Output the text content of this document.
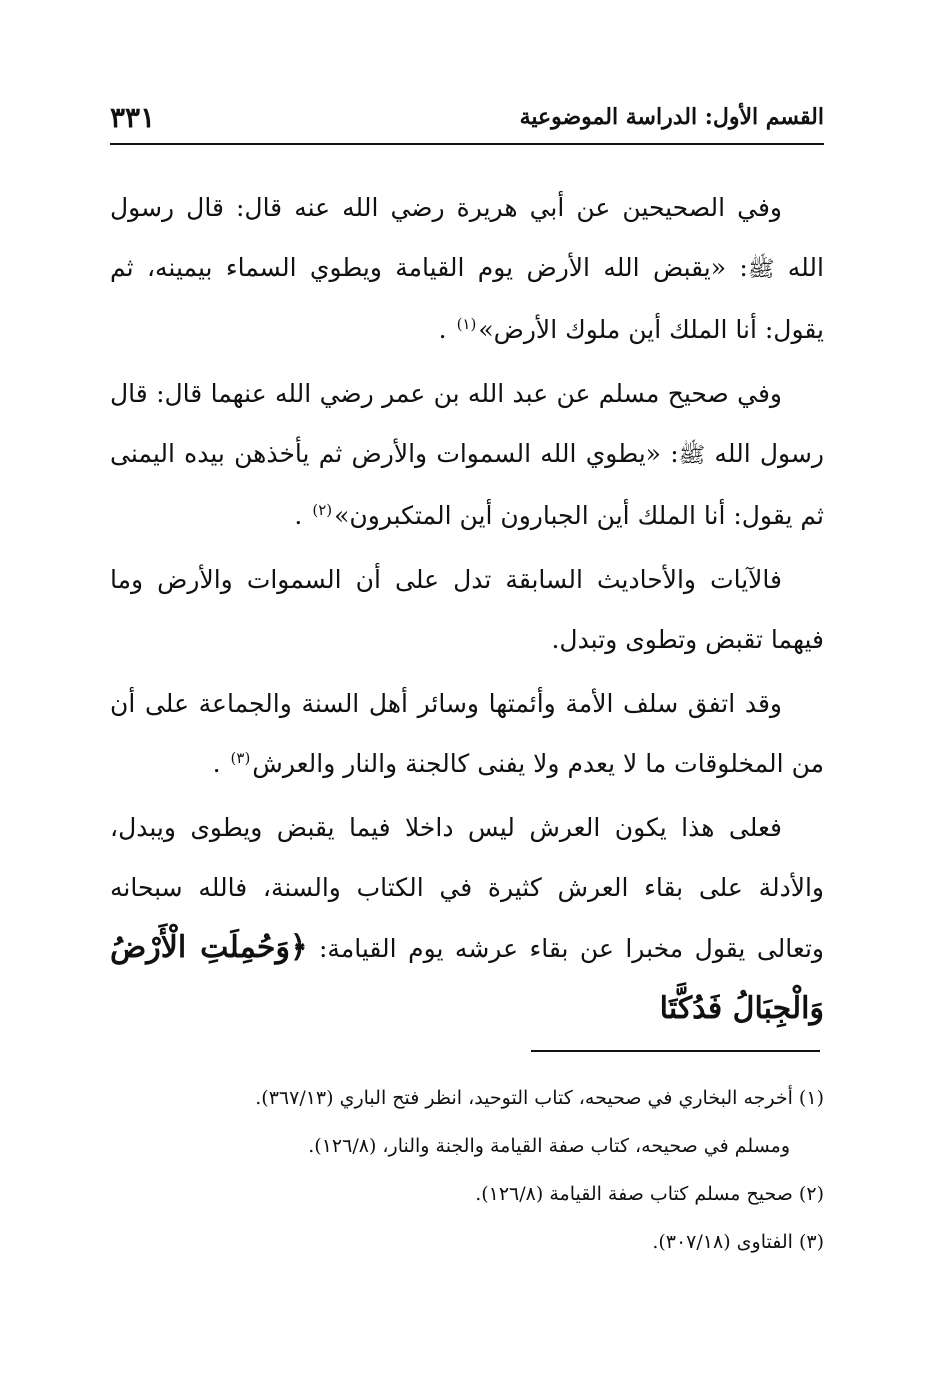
القسم الأول: الدراسة الموضوعية
٣٣١

وفي الصحيحين عن أبي هريرة رضي الله عنه قال: قال رسول الله ﷺ: «يقبض الله الأرض يوم القيامة ويطوي السماء بيمينه، ثم يقول: أنا الملك أين ملوك الأرض»$^{(١)}$ .

وفي صحيح مسلم عن عبد الله بن عمر رضي الله عنهما قال: قال رسول الله ﷺ: «يطوي الله السموات والأرض ثم يأخذهن بيده اليمنى ثم يقول: أنا الملك أين الجبارون أين المتكبرون»$^{(٢)}$ .

فالآيات والأحاديث السابقة تدل على أن السموات والأرض وما فيهما تقبض وتطوى وتبدل.

وقد اتفق سلف الأمة وأئمتها وسائر أهل السنة والجماعة على أن من المخلوقات ما لا يعدم ولا يفنى كالجنة والنار والعرش$^{(٣)}$ .

فعلى هذا يكون العرش ليس داخلا فيما يقبض ويطوى ويبدل، والأدلة على بقاء العرش كثيرة في الكتاب والسنة، فالله سبحانه وتعالى يقول مخبرا عن بقاء عرشه يوم القيامة: ﴿وَحُمِلَتِ الْأَرْضُ وَالْجِبَالُ فَدُكَّتَا

(١) أخرجه البخاري في صحيحه، كتاب التوحيد، انظر فتح الباري (٣٦٧/١٣).

ومسلم في صحيحه، كتاب صفة القيامة والجنة والنار، (١٢٦/٨).

(٢) صحيح مسلم كتاب صفة القيامة (١٢٦/٨).

(٣) الفتاوى (٣٠٧/١٨).
